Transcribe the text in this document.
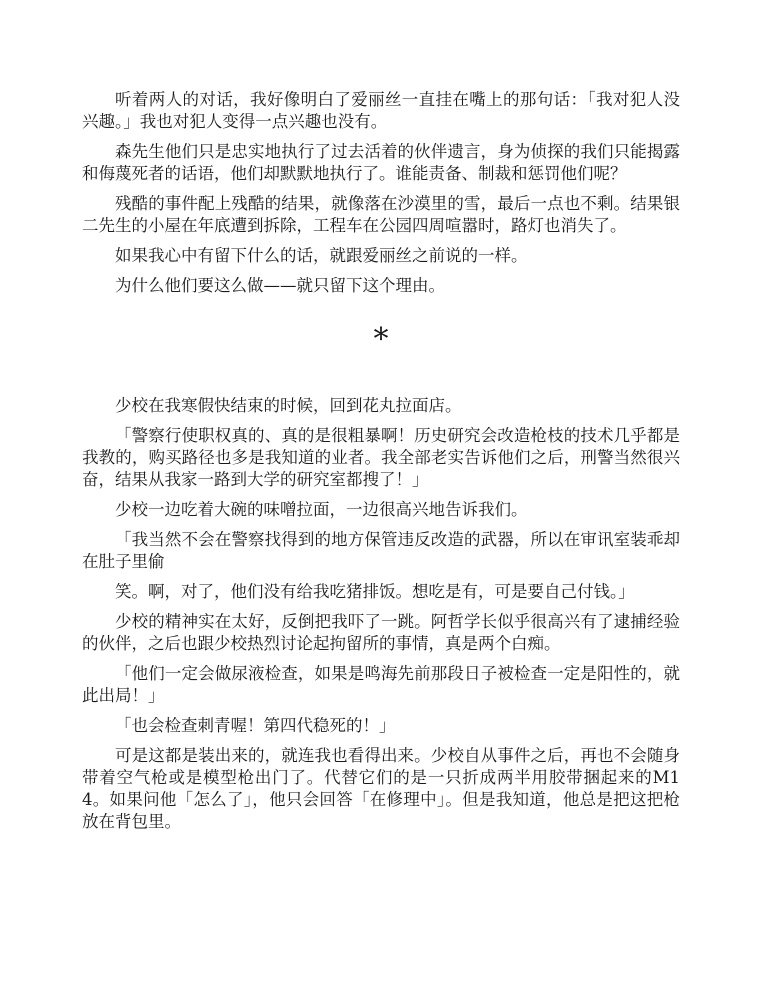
听着两人的对话，我好像明白了爱丽丝一直挂在嘴上的那句话：「我对犯人没兴趣。」我也对犯人变得一点兴趣也没有。

森先生他们只是忠实地执行了过去活着的伙伴遗言，身为侦探的我们只能揭露和侮蔑死者的话语，他们却默默地执行了。谁能责备、制裁和惩罚他们呢？

残酷的事件配上残酷的结果，就像落在沙漠里的雪，最后一点也不剩。结果银二先生的小屋在年底遭到拆除，工程车在公园四周喧嚣时，路灯也消失了。

如果我心中有留下什么的话，就跟爱丽丝之前说的一样。

为什么他们要这么做——就只留下这个理由。

*

少校在我寒假快结束的时候，回到花丸拉面店。

「警察行使职权真的、真的是很粗暴啊！历史研究会改造枪枝的技术几乎都是我教的，购买路径也多是我知道的业者。我全部老实告诉他们之后，刑警当然很兴奋，结果从我家一路到大学的研究室都搜了！」

少校一边吃着大碗的味噌拉面，一边很高兴地告诉我们。

「我当然不会在警察找得到的地方保管违反改造的武器，所以在审讯室装乖却在肚子里偷

笑。啊，对了，他们没有给我吃猪排饭。想吃是有，可是要自己付钱。」

少校的精神实在太好，反倒把我吓了一跳。阿哲学长似乎很高兴有了逮捕经验的伙伴，之后也跟少校热烈讨论起拘留所的事情，真是两个白痴。

「他们一定会做尿液检查，如果是鸣海先前那段日子被检查一定是阳性的，就此出局！」

「也会检查刺青喔！第四代稳死的！」

可是这都是装出来的，就连我也看得出来。少校自从事件之后，再也不会随身带着空气枪或是模型枪出门了。代替它们的是一只折成两半用胶带捆起来的M14。如果问他「怎么了」，他只会回答「在修理中」。但是我知道，他总是把这把枪放在背包里。
